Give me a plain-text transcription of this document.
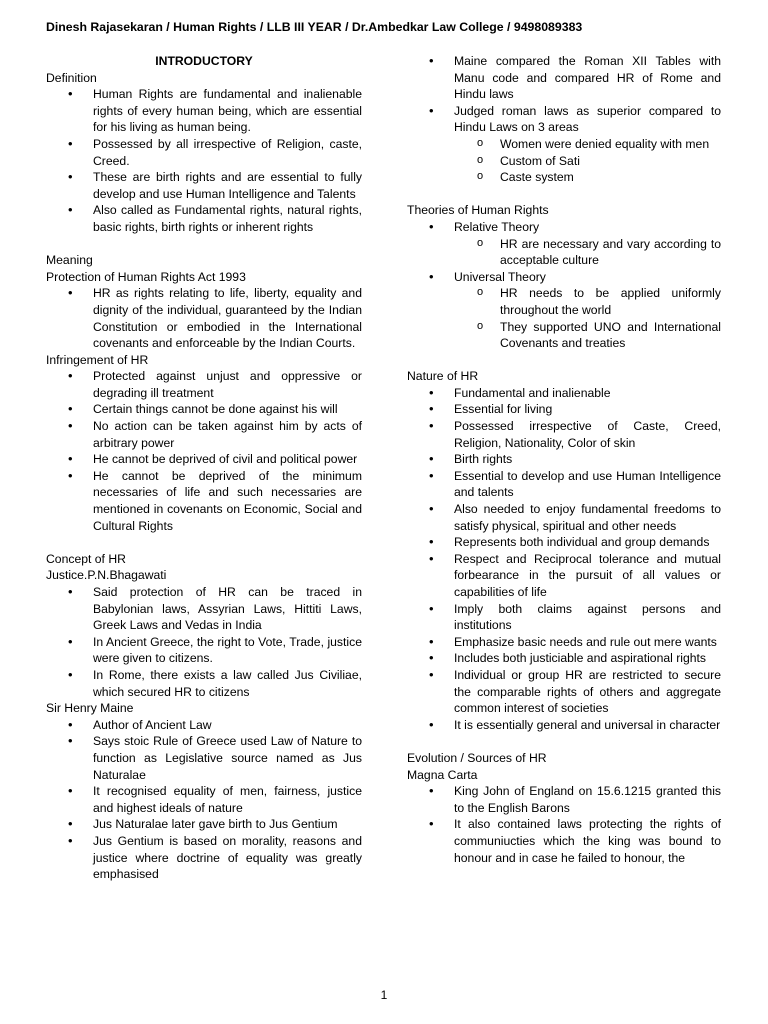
Dinesh Rajasekaran / Human Rights / LLB III YEAR / Dr.Ambedkar Law College / 9498089383
INTRODUCTORY
Definition
• Human Rights are fundamental and inalienable rights of every human being, which are essential for his living as human being.
• Possessed by all irrespective of Religion, caste, Creed.
• These are birth rights and are essential to fully develop and use Human Intelligence and Talents
• Also called as Fundamental rights, natural rights, basic rights, birth rights or inherent rights
Meaning
Protection of Human Rights Act 1993
• HR as rights relating to life, liberty, equality and dignity of the individual, guaranteed by the Indian Constitution or embodied in the International covenants and enforceable by the Indian Courts.
Infringement of HR
• Protected against unjust and oppressive or degrading ill treatment
• Certain things cannot be done against his will
• No action can be taken against him by acts of arbitrary power
• He cannot be deprived of civil and political power
• He cannot be deprived of the minimum necessaries of life and such necessaries are mentioned in covenants on Economic, Social and Cultural Rights
Concept of HR
Justice.P.N.Bhagawati
• Said protection of HR can be traced in Babylonian laws, Assyrian Laws, Hittiti Laws, Greek Laws and Vedas in India
• In Ancient Greece, the right to Vote, Trade, justice were given to citizens.
• In Rome, there exists a law called Jus Civiliae, which secured HR to citizens
Sir Henry Maine
• Author of Ancient Law
• Says stoic Rule of Greece used Law of Nature to function as Legislative source named as Jus Naturalae
• It recognised equality of men, fairness, justice and highest ideals of nature
• Jus Naturalae later gave birth to Jus Gentium
• Jus Gentium is based on morality, reasons and justice where doctrine of equality was greatly emphasised
• Maine compared the Roman XII Tables with Manu code and compared HR of Rome and Hindu laws
• Judged roman laws as superior compared to Hindu Laws on 3 areas
o Women were denied equality with men
o Custom of Sati
o Caste system
Theories of Human Rights
• Relative Theory
o HR are necessary and vary according to acceptable culture
• Universal Theory
o HR needs to be applied uniformly throughout the world
o They supported UNO and International Covenants and treaties
Nature of HR
• Fundamental and inalienable
• Essential for living
• Possessed irrespective of Caste, Creed, Religion, Nationality, Color of skin
• Birth rights
• Essential to develop and use Human Intelligence and talents
• Also needed to enjoy fundamental freedoms to satisfy physical, spiritual and other needs
• Represents both individual and group demands
• Respect and Reciprocal tolerance and mutual forbearance in the pursuit of all values or capabilities of life
• Imply both claims against persons and institutions
• Emphasize basic needs and rule out mere wants
• Includes both justiciable and aspirational rights
• Individual or group HR are restricted to secure the comparable rights of others and aggregate common interest of societies
• It is essentially general and universal in character
Evolution / Sources of HR
Magna Carta
• King John of England on 15.6.1215 granted this to the English Barons
• It also contained laws protecting the rights of communiucties which the king was bound to honour and in case he failed to honour, the
1
